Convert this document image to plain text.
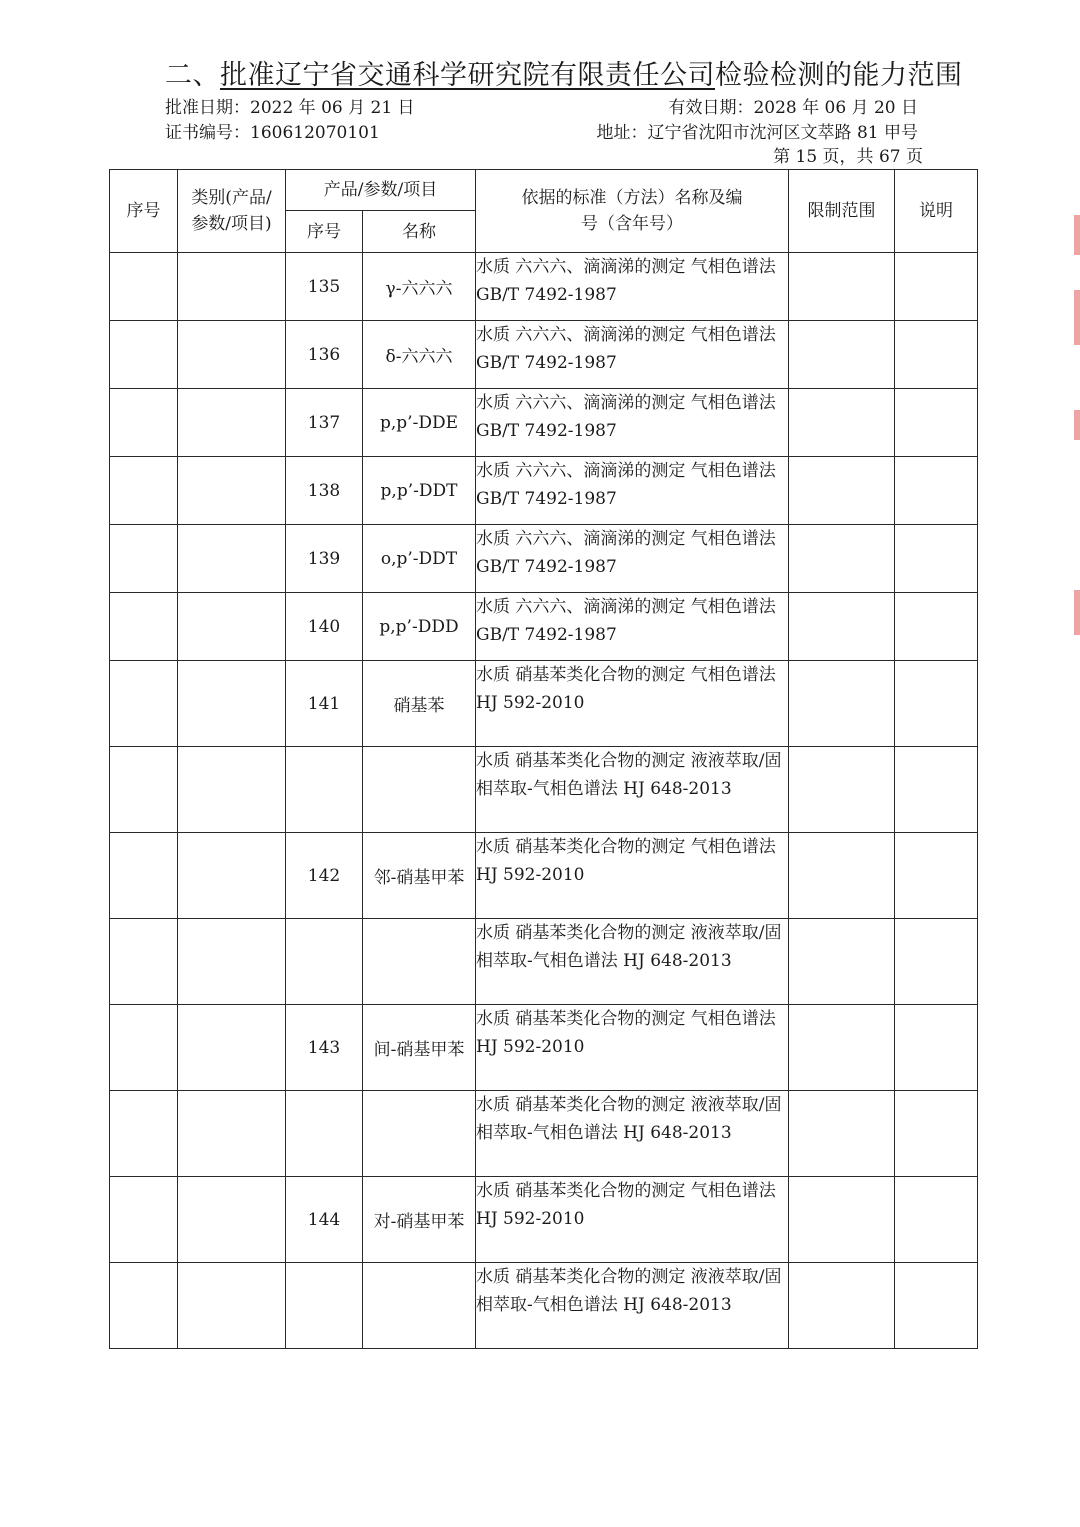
二、批准辽宁省交通科学研究院有限责任公司检验检测的能力范围
批准日期：2022 年 06 月 21 日	有效日期：2028 年 06 月 20 日
证书编号：160612070101	地址：辽宁省沈阳市沈河区文萃路 81 甲号
第 15 页，共 67 页
序号	类别(产品/参数/项目)	产品/参数/项目		依据的标准（方法）名称及编号（含年号）	限制范围	说明
		序号	名称			
		135	γ-六六六	水质 六六六、滴滴涕的测定 气相色谱法 GB/T 7492-1987		
		136	δ-六六六	水质 六六六、滴滴涕的测定 气相色谱法 GB/T 7492-1987		
		137	p,p’-DDE	水质 六六六、滴滴涕的测定 气相色谱法 GB/T 7492-1987		
		138	p,p’-DDT	水质 六六六、滴滴涕的测定 气相色谱法 GB/T 7492-1987		
		139	o,p’-DDT	水质 六六六、滴滴涕的测定 气相色谱法 GB/T 7492-1987		
		140	p,p’-DDD	水质 六六六、滴滴涕的测定 气相色谱法 GB/T 7492-1987		
		141	硝基苯	水质 硝基苯类化合物的测定 气相色谱法 HJ 592-2010		
				水质 硝基苯类化合物的测定 液液萃取/固相萃取-气相色谱法 HJ 648-2013		
		142	邻-硝基甲苯	水质 硝基苯类化合物的测定 气相色谱法 HJ 592-2010		
				水质 硝基苯类化合物的测定 液液萃取/固相萃取-气相色谱法 HJ 648-2013		
		143	间-硝基甲苯	水质 硝基苯类化合物的测定 气相色谱法 HJ 592-2010		
				水质 硝基苯类化合物的测定 液液萃取/固相萃取-气相色谱法 HJ 648-2013		
		144	对-硝基甲苯	水质 硝基苯类化合物的测定 气相色谱法 HJ 592-2010		
				水质 硝基苯类化合物的测定 液液萃取/固相萃取-气相色谱法 HJ 648-2013		
